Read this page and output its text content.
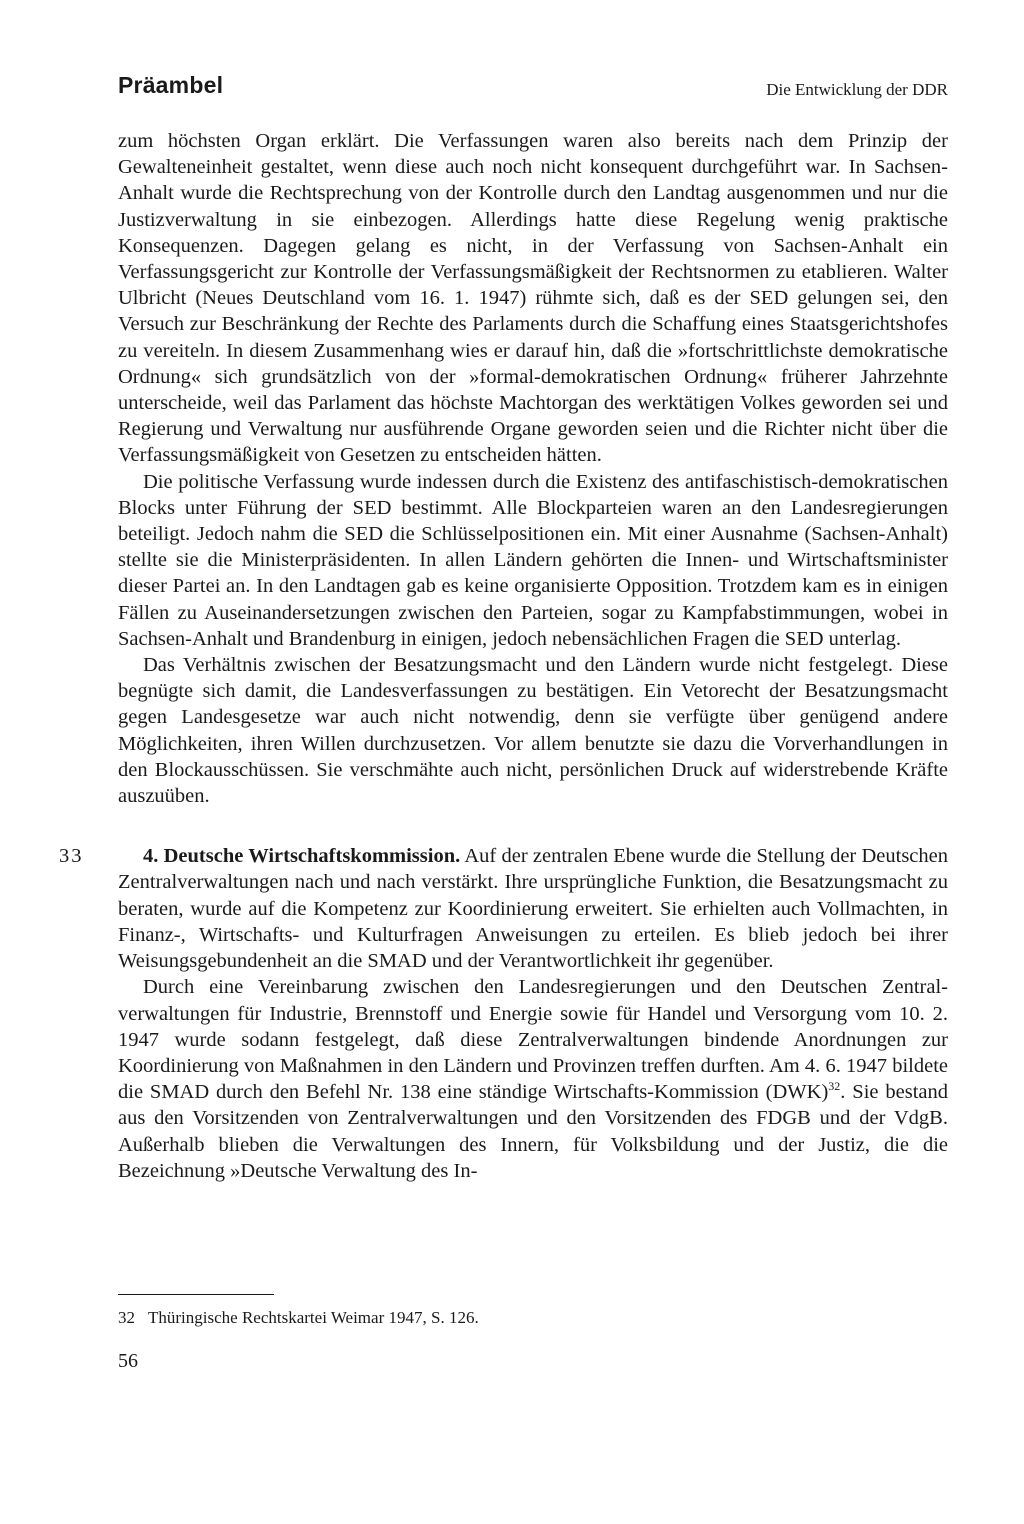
Präambel	Die Entwicklung der DDR

zum höchsten Organ erklärt. Die Verfassungen waren also bereits nach dem Prinzip der Gewalteneinheit gestaltet, wenn diese auch noch nicht konsequent durchgeführt war. In Sachsen-Anhalt wurde die Rechtsprechung von der Kontrolle durch den Landtag ausgenommen und nur die Justizverwaltung in sie einbezogen. Allerdings hatte diese Regelung wenig praktische Konsequenzen. Dagegen gelang es nicht, in der Verfassung von Sachsen-Anhalt ein Verfassungsgericht zur Kontrolle der Verfassungsmäßigkeit der Rechtsnormen zu etablieren. Walter Ulbricht (Neues Deutschland vom 16. 1. 1947) rühmte sich, daß es der SED gelungen sei, den Versuch zur Beschränkung der Rechte des Parlaments durch die Schaffung eines Staatsgerichtshofes zu vereiteln. In diesem Zusammenhang wies er darauf hin, daß die »fortschrittlichste demokratische Ordnung« sich grundsätzlich von der »formal-demokratischen Ordnung« früherer Jahrzehnte unterscheide, weil das Parlament das höchste Machtorgan des werktätigen Volkes geworden sei und Regierung und Verwaltung nur ausführende Organe geworden seien und die Richter nicht über die Verfassungsmäßigkeit von Gesetzen zu entscheiden hätten.

Die politische Verfassung wurde indessen durch die Existenz des antifaschistisch-demokratischen Blocks unter Führung der SED bestimmt. Alle Blockparteien waren an den Landesregierungen beteiligt. Jedoch nahm die SED die Schlüsselpositionen ein. Mit einer Ausnahme (Sachsen-Anhalt) stellte sie die Ministerpräsidenten. In allen Ländern gehörten die Innen- und Wirtschaftsminister dieser Partei an. In den Landtagen gab es keine organisierte Opposition. Trotzdem kam es in einigen Fällen zu Auseinandersetzungen zwischen den Parteien, sogar zu Kampfabstimmungen, wobei in Sachsen-Anhalt und Brandenburg in einigen, jedoch nebensächlichen Fragen die SED unterlag.

Das Verhältnis zwischen der Besatzungsmacht und den Ländern wurde nicht festgelegt. Diese begnügte sich damit, die Landesverfassungen zu bestätigen. Ein Vetorecht der Besatzungsmacht gegen Landesgesetze war auch nicht notwendig, denn sie verfügte über genügend andere Möglichkeiten, ihren Willen durchzusetzen. Vor allem benutzte sie dazu die Vorverhandlungen in den Blockausschüssen. Sie verschmähte auch nicht, persönlichen Druck auf widerstrebende Kräfte auszuüben.

33	4. Deutsche Wirtschaftskommission. Auf der zentralen Ebene wurde die Stellung der Deutschen Zentralverwaltungen nach und nach verstärkt. Ihre ursprüngliche Funktion, die Besatzungsmacht zu beraten, wurde auf die Kompetenz zur Koordinierung erweitert. Sie erhielten auch Vollmachten, in Finanz-, Wirtschafts- und Kulturfragen Anweisungen zu erteilen. Es blieb jedoch bei ihrer Weisungsgebundenheit an die SMAD und der Verantwortlichkeit ihr gegenüber.

Durch eine Vereinbarung zwischen den Landesregierungen und den Deutschen Zentralverwaltungen für Industrie, Brennstoff und Energie sowie für Handel und Versorgung vom 10. 2. 1947 wurde sodann festgelegt, daß diese Zentralverwaltungen bindende Anordnungen zur Koordinierung von Maßnahmen in den Ländern und Provinzen treffen durften. Am 4. 6. 1947 bildete die SMAD durch den Befehl Nr. 138 eine ständige Wirtschafts-Kommission (DWK)$^{32}$. Sie bestand aus den Vorsitzenden von Zentralverwaltungen und den Vorsitzenden des FDGB und der VdgB. Außerhalb blieben die Verwaltungen des Innern, für Volksbildung und der Justiz, die die Bezeichnung »Deutsche Verwaltung des In-

32 Thüringische Rechtskartei Weimar 1947, S. 126.
56
